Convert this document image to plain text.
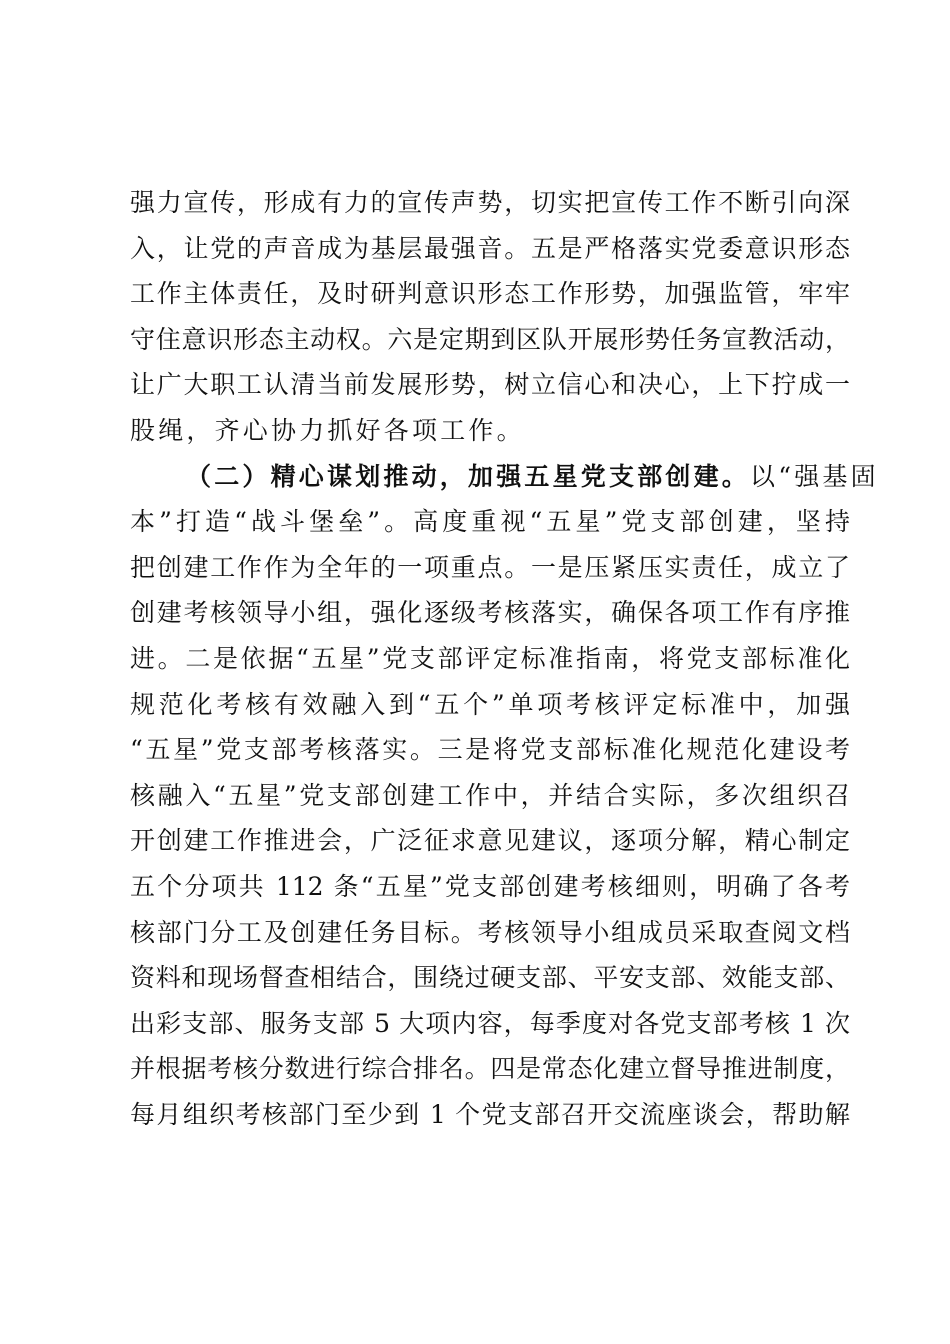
强力宣传，形成有力的宣传声势，切实把宣传工作不断引向深
入，让党的声音成为基层最强音。五是严格落实党委意识形态
工作主体责任，及时研判意识形态工作形势，加强监管，牢牢
守住意识形态主动权。六是定期到区队开展形势任务宣教活动，
让广大职工认清当前发展形势，树立信心和决心，上下拧成一
股绳，齐心协力抓好各项工作。
（二）精心谋划推动，加强五星党支部创建。以“强基固
本”打造“战斗堡垒”。高度重视“五星”党支部创建，坚持
把创建工作作为全年的一项重点。一是压紧压实责任，成立了
创建考核领导小组，强化逐级考核落实，确保各项工作有序推
进。二是依据“五星”党支部评定标准指南，将党支部标准化
规范化考核有效融入到“五个”单项考核评定标准中，加强
“五星”党支部考核落实。三是将党支部标准化规范化建设考
核融入“五星”党支部创建工作中，并结合实际，多次组织召
开创建工作推进会，广泛征求意见建议，逐项分解，精心制定
五个分项共 112 条“五星”党支部创建考核细则，明确了各考
核部门分工及创建任务目标。考核领导小组成员采取查阅文档
资料和现场督查相结合，围绕过硬支部、平安支部、效能支部、
出彩支部、服务支部 5 大项内容，每季度对各党支部考核 1 次
并根据考核分数进行综合排名。四是常态化建立督导推进制度，
每月组织考核部门至少到 1 个党支部召开交流座谈会，帮助解
